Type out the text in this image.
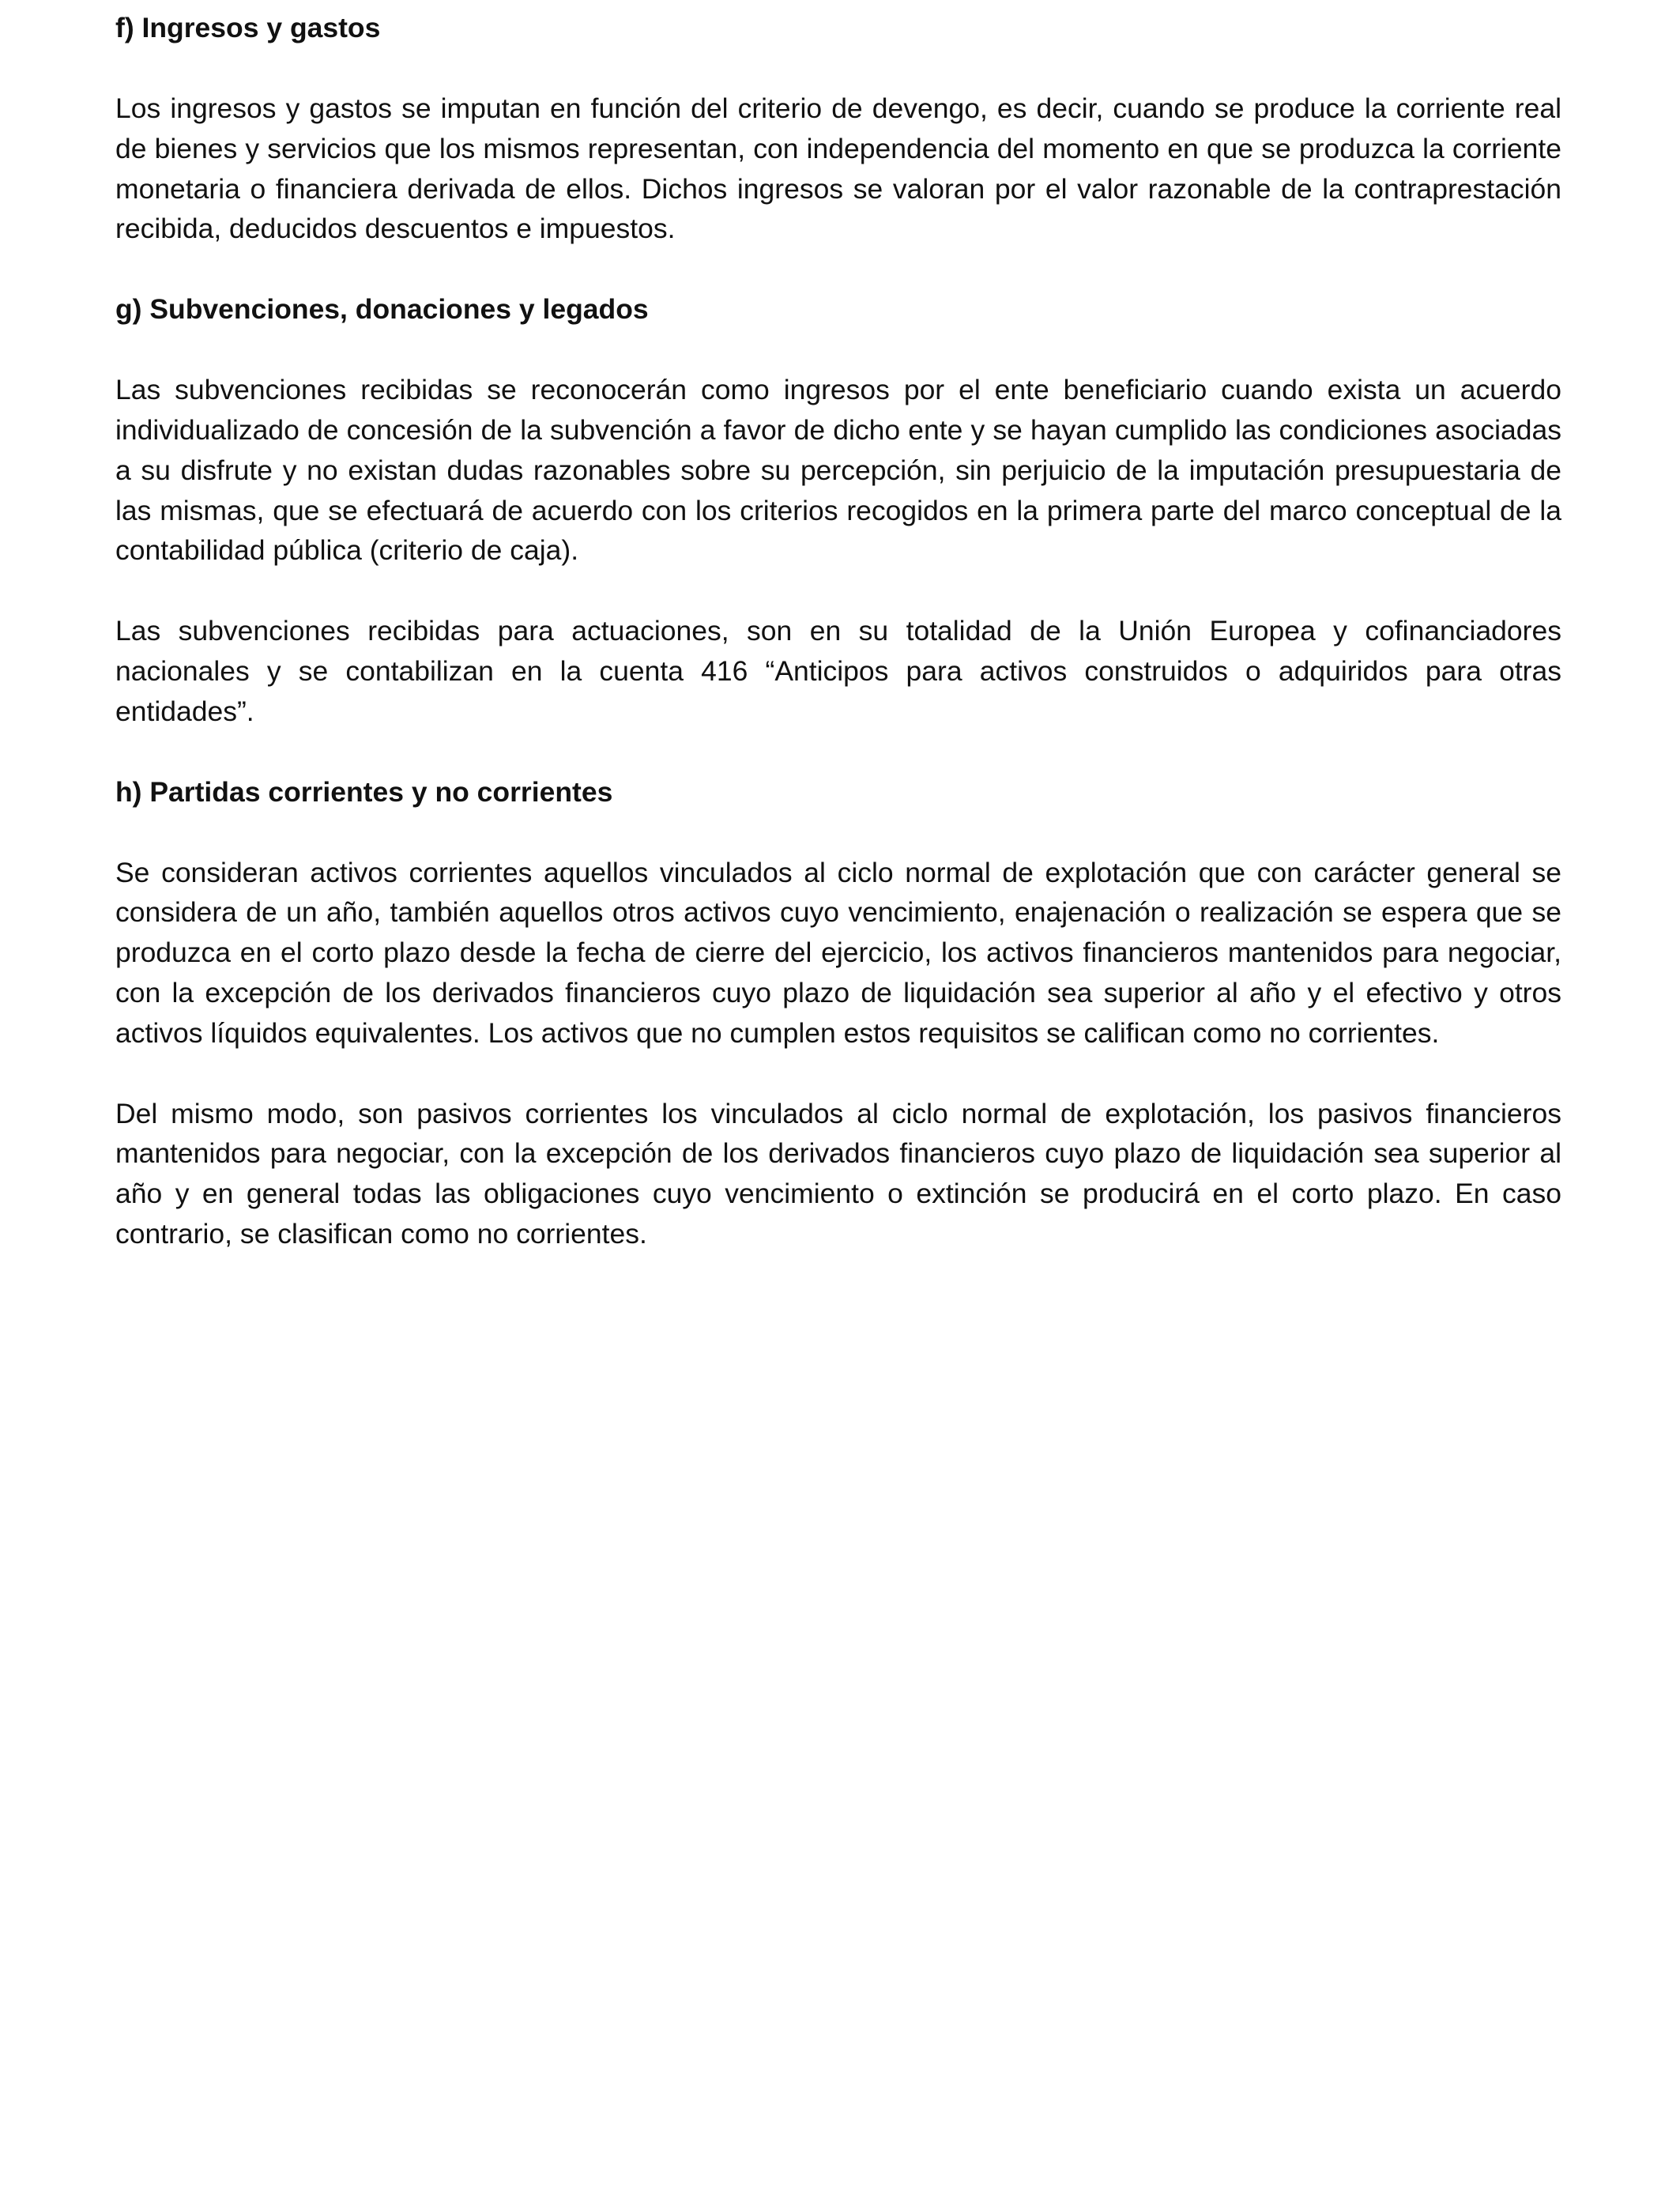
f) Ingresos y gastos

Los ingresos y gastos se imputan en función del criterio de devengo, es decir, cuando se produce la corriente real de bienes y servicios que los mismos representan, con independencia del momento en que se produzca la corriente monetaria o financiera derivada de ellos. Dichos ingresos se valoran por el valor razonable de la contraprestación recibida, deducidos descuentos e impuestos.

g) Subvenciones, donaciones y legados

Las subvenciones recibidas se reconocerán como ingresos por el ente beneficiario cuando exista un acuerdo individualizado de concesión de la subvención a favor de dicho ente y se hayan cumplido las condiciones asociadas a su disfrute y no existan dudas razonables sobre su percepción, sin perjuicio de la imputación presupuestaria de las mismas, que se efectuará de acuerdo con los criterios recogidos en la primera parte del marco conceptual de la contabilidad pública (criterio de caja).

Las subvenciones recibidas para actuaciones, son en su totalidad de la Unión Europea y cofinanciadores nacionales y se contabilizan en la cuenta 416 “Anticipos para activos construidos o adquiridos para otras entidades”.

h) Partidas corrientes y no corrientes

Se consideran activos corrientes aquellos vinculados al ciclo normal de explotación que con carácter general se considera de un año, también aquellos otros activos cuyo vencimiento, enajenación o realización se espera que se produzca en el corto plazo desde la fecha de cierre del ejercicio, los activos financieros mantenidos para negociar, con la excepción de los derivados financieros cuyo plazo de liquidación sea superior al año y el efectivo y otros activos líquidos equivalentes. Los activos que no cumplen estos requisitos se califican como no corrientes.

Del mismo modo, son pasivos corrientes los vinculados al ciclo normal de explotación, los pasivos financieros mantenidos para negociar, con la excepción de los derivados financieros cuyo plazo de liquidación sea superior al año y en general todas las obligaciones cuyo vencimiento o extinción se producirá en el corto plazo. En caso contrario, se clasifican como no corrientes.
